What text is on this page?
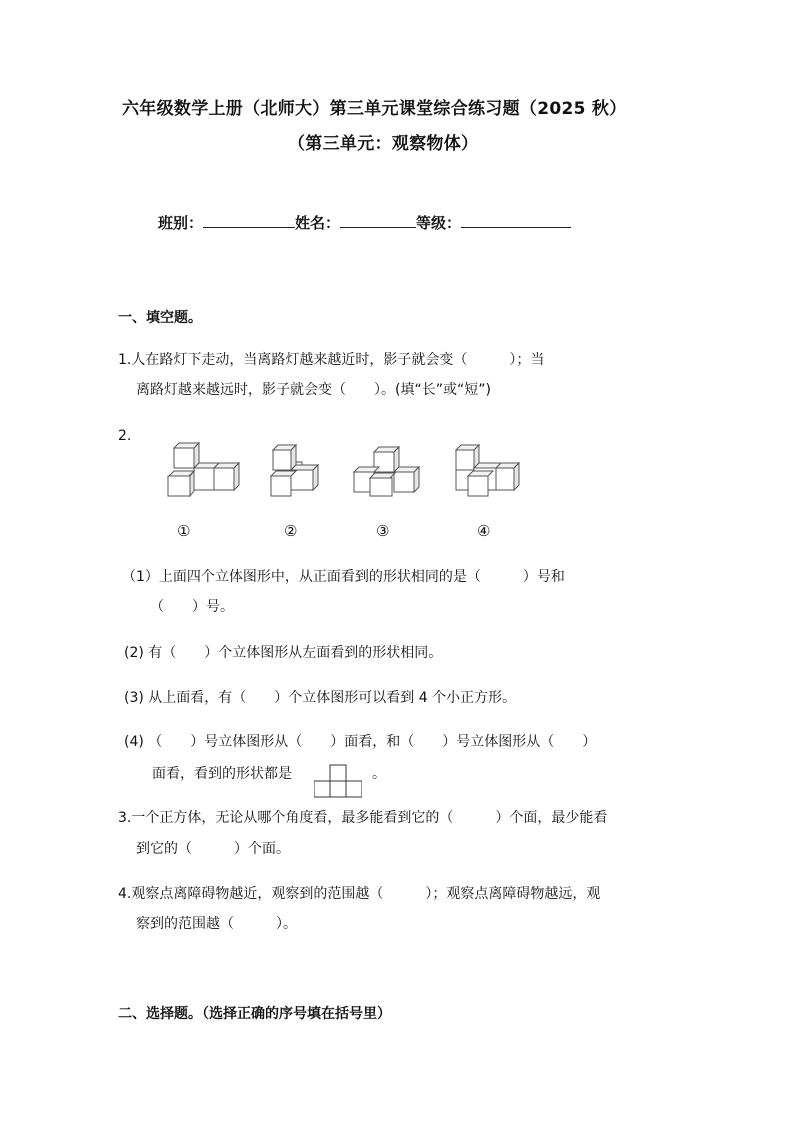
六年级数学上册（北师大）第三单元课堂综合练习题（2025 秋）
（第三单元：观察物体）
班别：	姓名：	等级：
一、填空题。
1.人在路灯下走动，当离路灯越来越近时，影子就会变（　　　）；当
离路灯越来越远时，影子就会变（　　）。(填“长”或“短”)
2.
①	②	③	④
（1）上面四个立体图形中，从正面看到的形状相同的是（　　　）号和
（　　）号。
(2) 有（　　）个立体图形从左面看到的形状相同。
(3) 从上面看，有（　　）个立体图形可以看到 4 个小正方形。
(4) （　　）号立体图形从（　　）面看，和（　　）号立体图形从（　　）
面看，看到的形状都是	。
3.一个正方体，无论从哪个角度看，最多能看到它的（　　　）个面，最少能看
到它的（　　　）个面。
4.观察点离障碍物越近，观察到的范围越（　　　）；观察点离障碍物越远，观
察到的范围越（　　　）。
二、选择题。（选择正确的序号填在括号里）
